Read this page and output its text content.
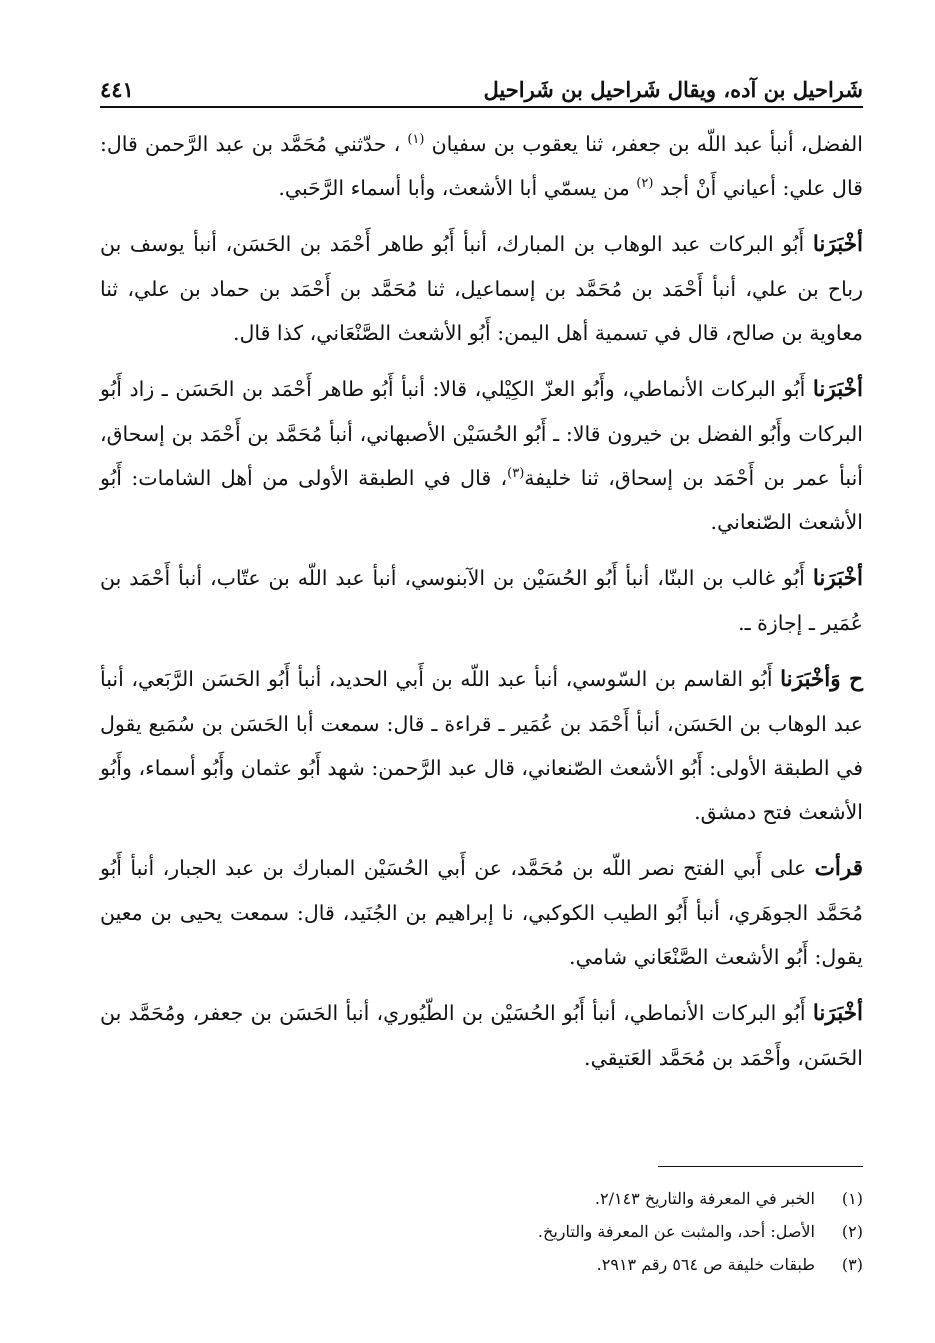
شَراحيل بن آده، ويقال شَراحيل بن شَراحيل
٤٤١

الفضل، أنبأ عبد اللّه بن جعفر، ثنا يعقوب بن سفيان $^{(١)}$ ، حدّثني مُحَمَّد بن عبد الرَّحمن قال: قال علي: أعياني أَنْ أجد $^{(٢)}$ من يسمّي أبا الأشعث، وأبا أسماء الرَّحَبي.

أخْبَرَنا أَبُو البركات عبد الوهاب بن المبارك، أنبأ أَبُو طاهر أَحْمَد بن الحَسَن، أنبأ يوسف بن رباح بن علي، أنبأ أَحْمَد بن مُحَمَّد بن إسماعيل، ثنا مُحَمَّد بن أَحْمَد بن حماد بن علي، ثنا معاوية بن صالح، قال في تسمية أهل اليمن: أَبُو الأشعث الصَّنْعَاني، كذا قال.

أخْبَرَنا أَبُو البركات الأنماطي، وأَبُو العزّ الكِيْلي، قالا: أنبأ أَبُو طاهر أَحْمَد بن الحَسَن ـ زاد أَبُو البركات وأَبُو الفضل بن خيرون قالا: ـ أَبُو الحُسَيْن الأصبهاني، أنبأ مُحَمَّد بن أَحْمَد بن إسحاق، أنبأ عمر بن أَحْمَد بن إسحاق، ثنا خليفة$^{(٣)}$، قال في الطبقة الأولى من أهل الشامات: أَبُو الأشعث الصّنعاني.

أخْبَرَنا أَبُو غالب بن البنّا، أنبأ أَبُو الحُسَيْن بن الآبنوسي، أنبأ عبد اللّه بن عتّاب، أنبأ أَحْمَد بن عُمَير ـ إجازة ـ.

ح وَأخْبَرَنا أَبُو القاسم بن السّوسي، أنبأ عبد اللّه بن أَبي الحديد، أنبأ أَبُو الحَسَن الرَّبَعي، أنبأ عبد الوهاب بن الحَسَن، أنبأ أَحْمَد بن عُمَير ـ قراءة ـ قال: سمعت أبا الحَسَن بن سُمَيع يقول في الطبقة الأولى: أَبُو الأشعث الصّنعاني، قال عبد الرَّحمن: شهد أَبُو عثمان وأَبُو أسماء، وأَبُو الأشعث فتح دمشق.

قرأت على أَبي الفتح نصر اللّه بن مُحَمَّد، عن أَبي الحُسَيْن المبارك بن عبد الجبار، أنبأ أَبُو مُحَمَّد الجوهَري، أنبأ أَبُو الطيب الكوكبي، نا إبراهيم بن الجُنَيد، قال: سمعت يحيى بن معين يقول: أَبُو الأشعث الصَّنْعَاني شامي.

أخْبَرَنا أَبُو البركات الأنماطي، أنبأ أَبُو الحُسَيْن بن الطّيُوري، أنبأ الحَسَن بن جعفر، ومُحَمَّد بن الحَسَن، وأَحْمَد بن مُحَمَّد العَتيقي.

(١)
الخبر في المعرفة والتاريخ ٢/١٤٣.
(٢)
الأصل: أحد، والمثبت عن المعرفة والتاريخ.
(٣)
طبقات خليفة ص ٥٦٤ رقم ٢٩١٣.
